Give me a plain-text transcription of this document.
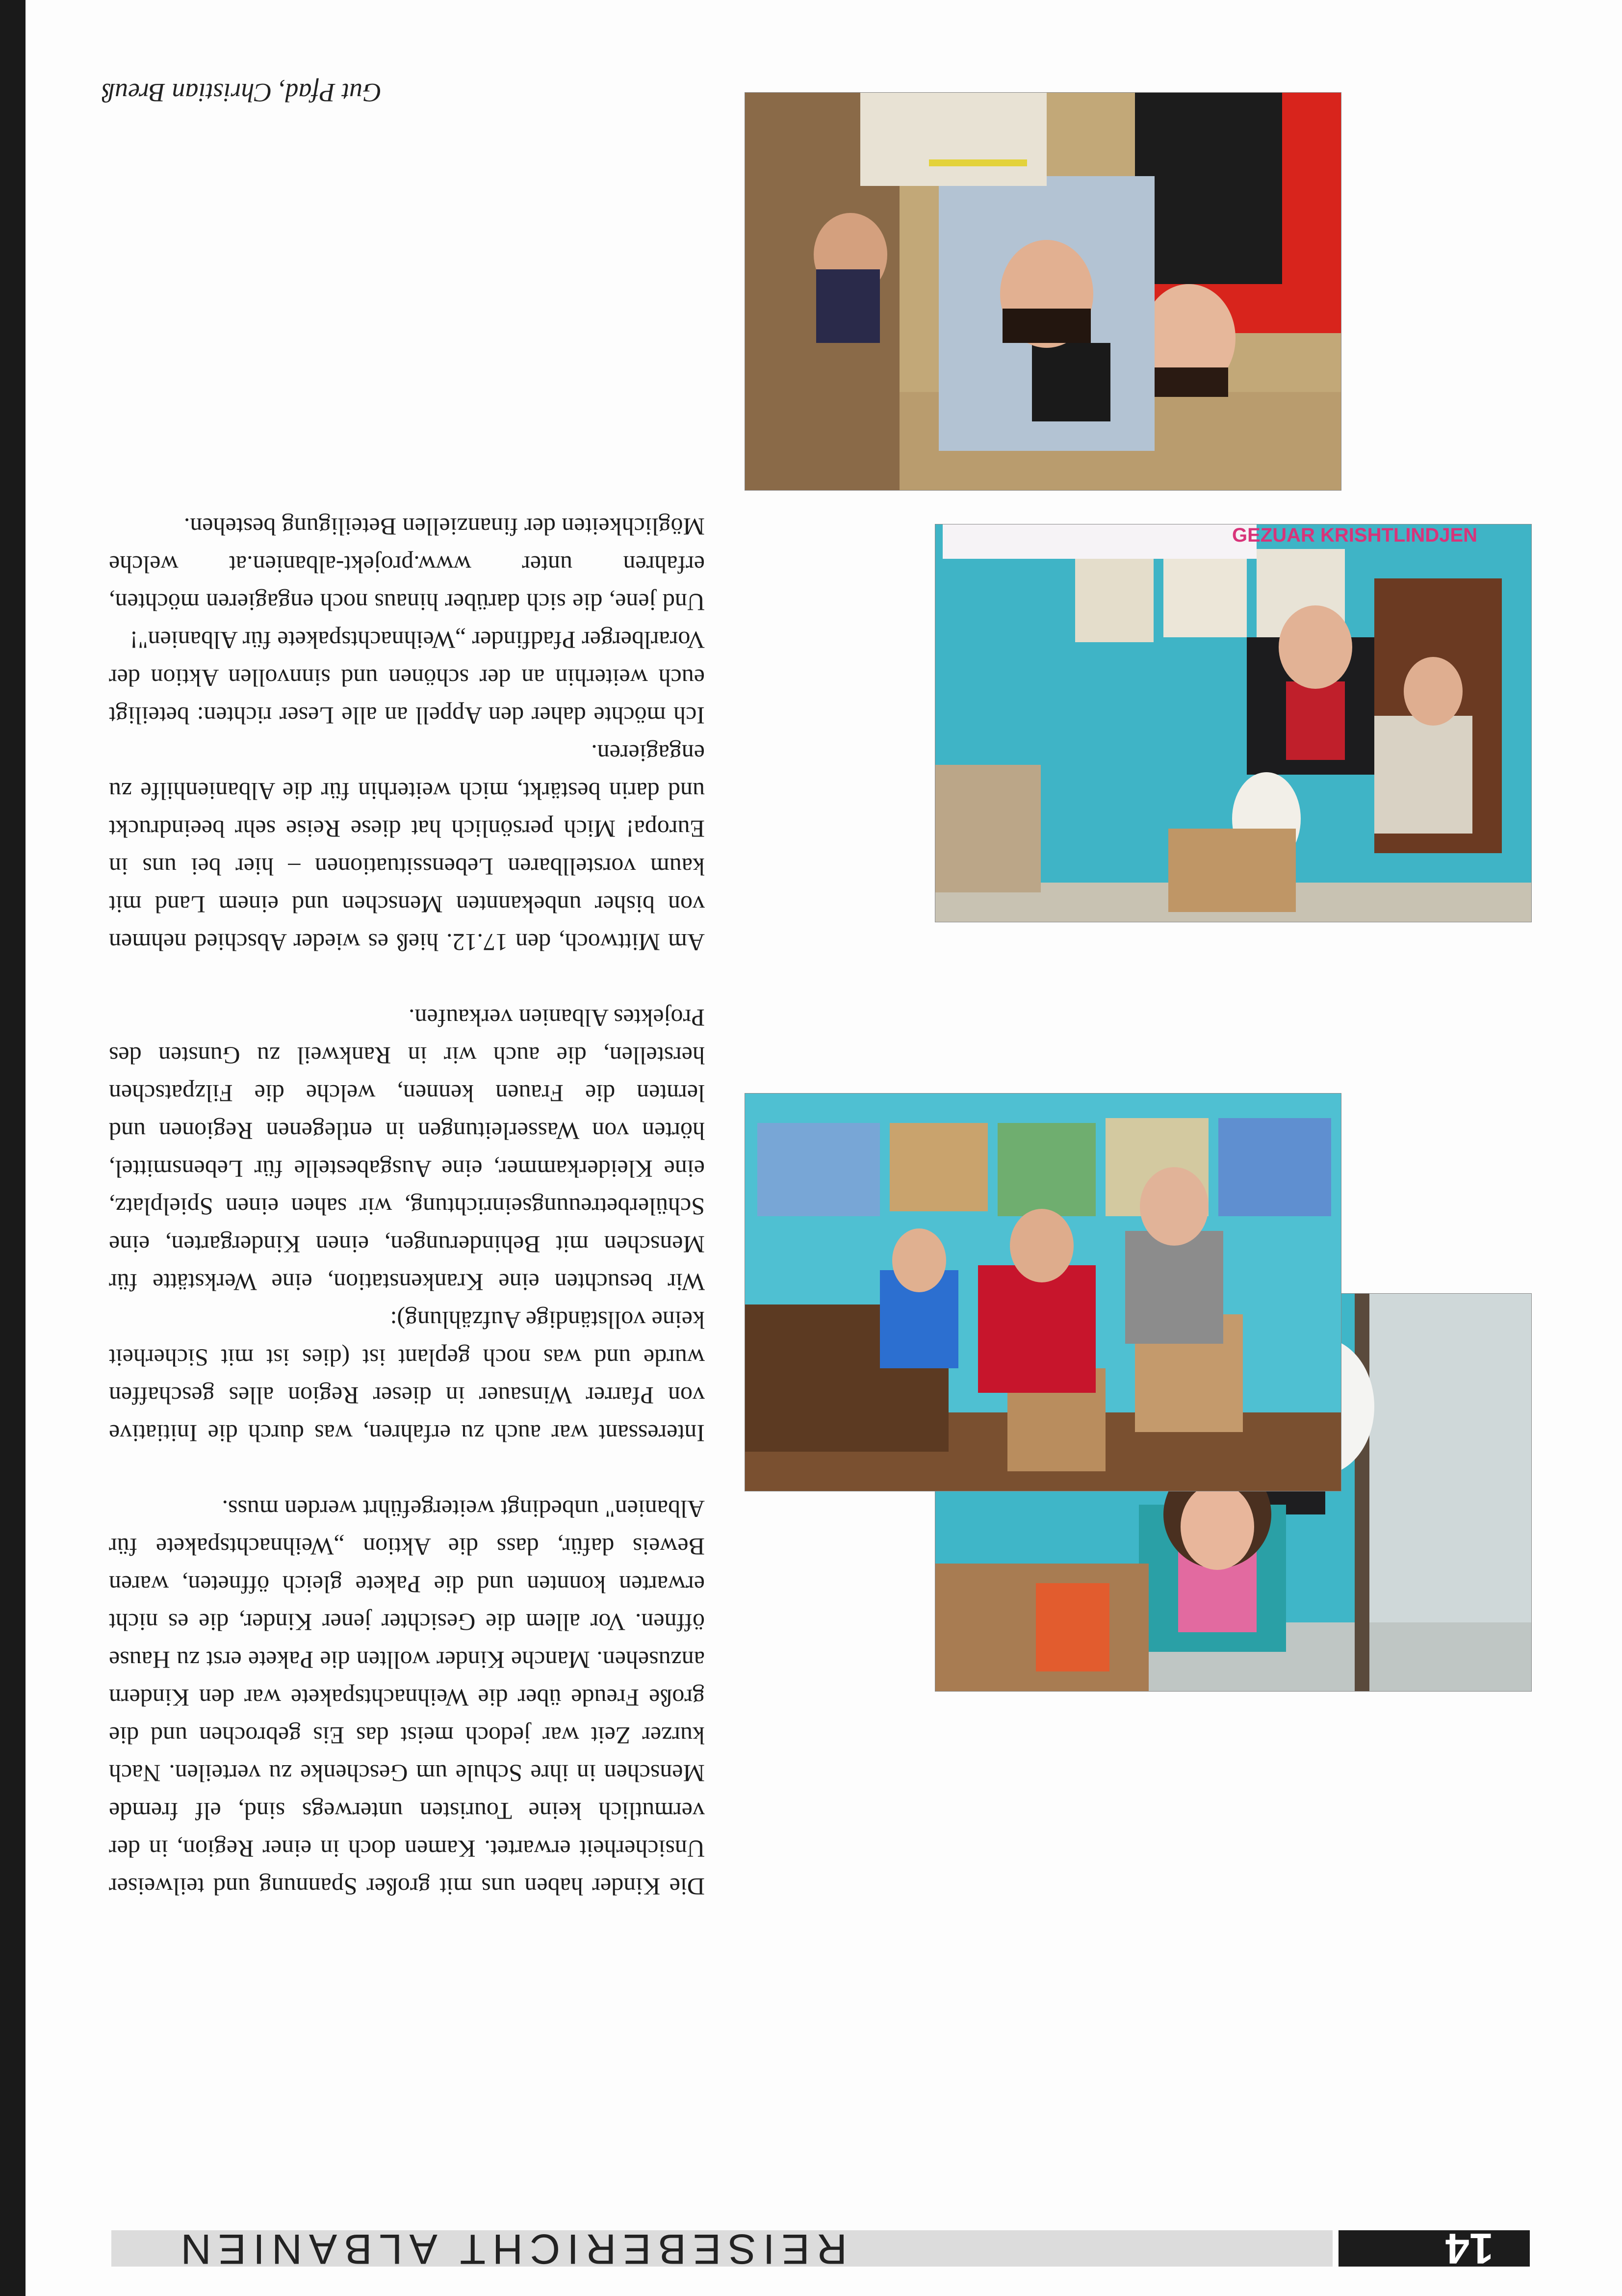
14
REISEBERICHT ALBANIEN
GEZUAR KRISHTLINDJEN

Die Kinder haben uns mit großer Spannung und teilweiser Unsicherheit erwartet. Kamen doch in einer Region, in der vermutlich keine Touristen unterwegs sind, elf fremde Menschen in ihre Schule um Geschenke zu verteilen. Nach kurzer Zeit war jedoch meist das Eis gebrochen und die große Freude über die Weihnachtspakete war den Kindern anzusehen. Manche Kinder wollten die Pakete erst zu Hause öffnen. Vor allem die Gesichter jener Kinder, die es nicht erwarten konnten und die Pakete gleich öffneten, waren Beweis dafür, dass die Aktion „Weihnachtspakete für Albanien" unbedingt weitergeführt werden muss.

Interessant war auch zu erfahren, was durch die Initiative von Pfarrer Winsauer in dieser Region alles geschaffen wurde und was noch geplant ist (dies ist mit Sicherheit keine vollständige Aufzählung):

Wir besuchten eine Krankenstation, eine Werkstätte für Menschen mit Behinderungen, einen Kindergarten, eine Schülerbetreuungseinrichtung, wir sahen einen Spielplatz, eine Kleiderkammer, eine Ausgabestelle für Lebensmittel, hörten von Wasserleitungen in entlegenen Regionen und lernten die Frauen kennen, welche die Filzpatschen herstellen, die auch wir in Rankweil zu Gunsten des Projektes Albanien verkaufen.

Am Mittwoch, den 17.12. hieß es wieder Abschied nehmen von bisher unbekannten Menschen und einem Land mit kaum vorstellbaren Lebenssituationen – hier bei uns in Europa! Mich persönlich hat diese Reise sehr beeindruckt und darin bestärkt, mich weiterhin für die Albanienhilfe zu engagieren.

Ich möchte daher den Appell an alle Leser richten: beteiligt euch weiterhin an der schönen und sinnvollen Aktion der Vorarlberger Pfadfinder „Weihnachtspakete für Albanien"!

Und jene, die sich darüber hinaus noch engagieren möchten, erfahren unter www.projekt-albanien.at welche Möglichkeiten der finanziellen Beteiligung bestehen.

Gut Pfad, Christian Breuß
